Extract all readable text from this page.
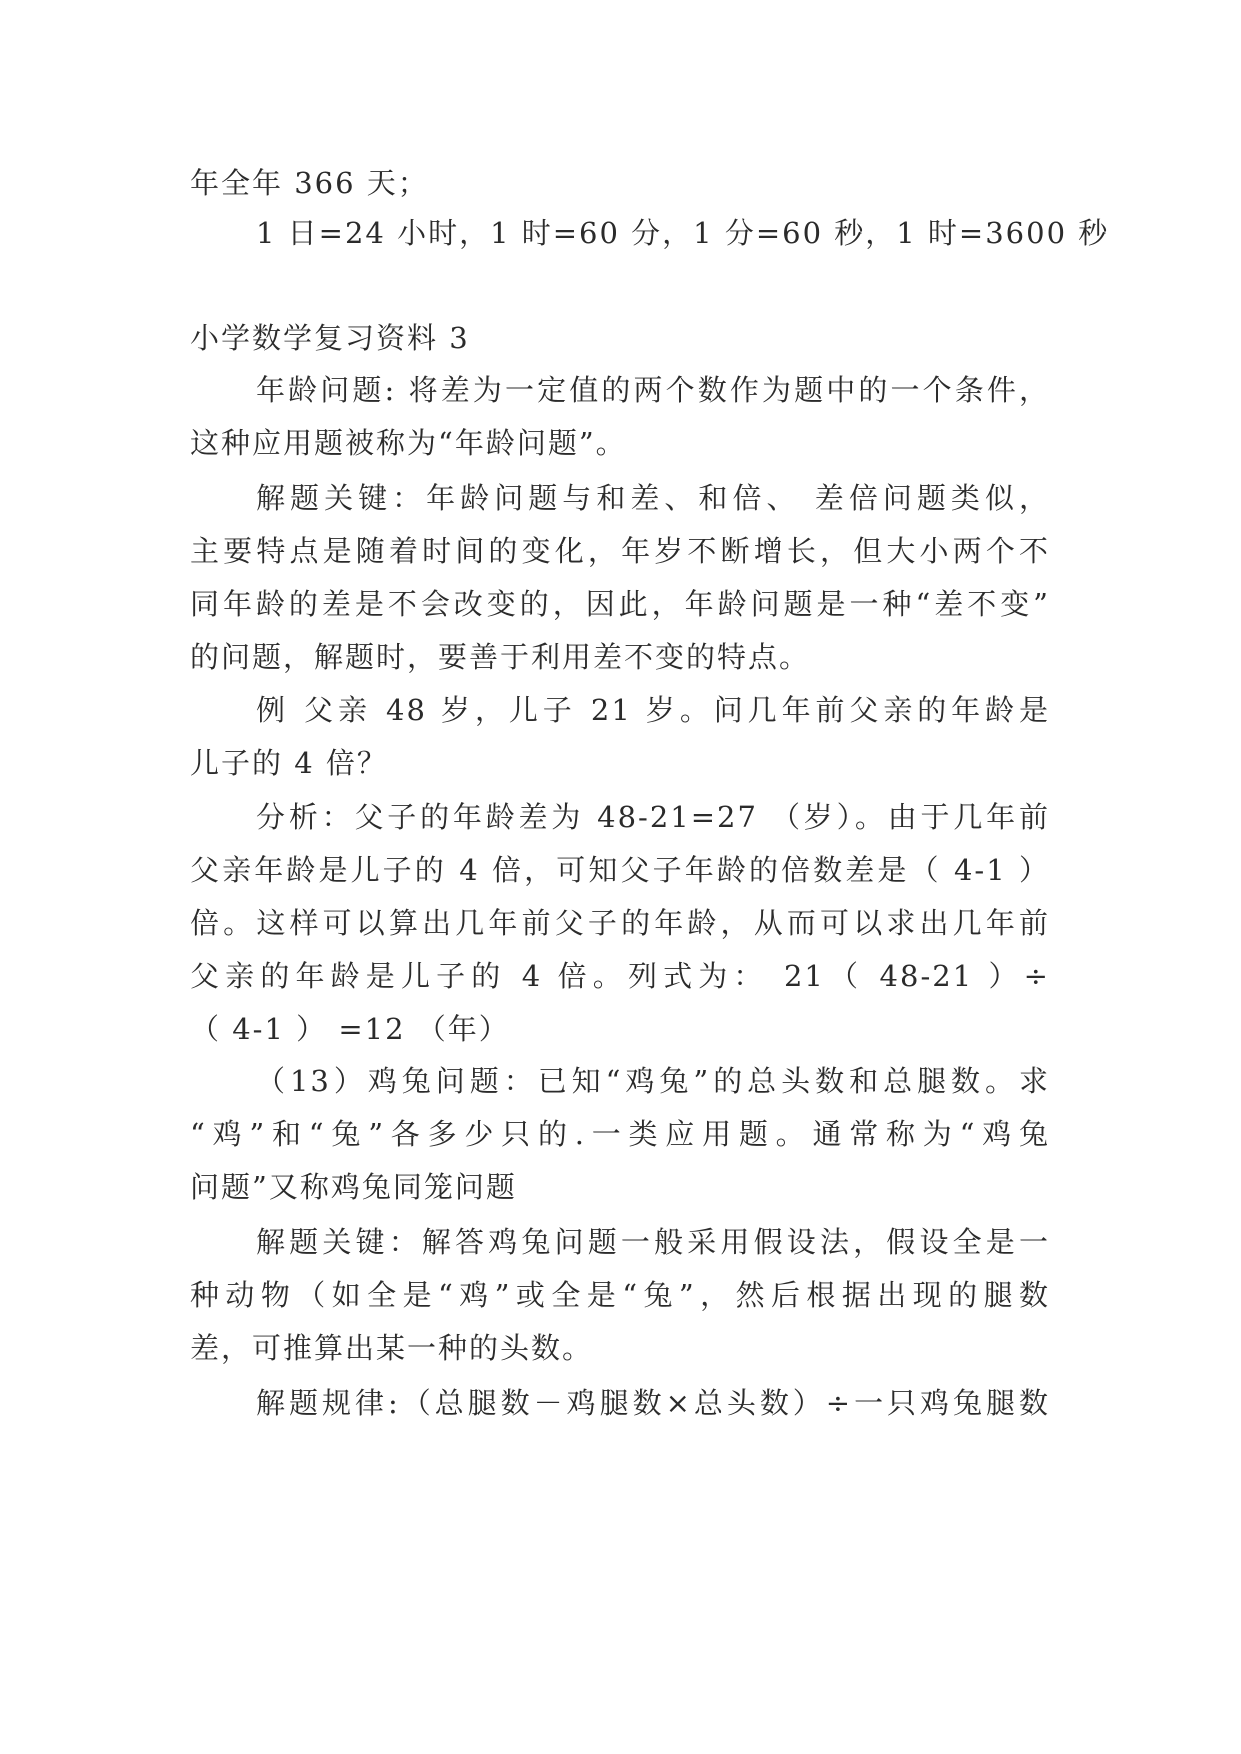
年全年 366 天；
1 日=24 小时，1 时=60 分，1 分=60 秒，1 时=3600 秒
小学数学复习资料 3
年龄问题: 将差为一定值的两个数作为题中的一个条件，
这种应用题被称为“年龄问题”。
解题关键：年龄问题与和差、和倍、 差倍问题类似，
主要特点是随着时间的变化，年岁不断增长，但大小两个不
同年龄的差是不会改变的，因此，年龄问题是一种“差不变”
的问题，解题时，要善于利用差不变的特点。
例 父亲 48 岁，儿子 21 岁。问几年前父亲的年龄是
儿子的 4 倍？
分析：父子的年龄差为 48-21=27 （岁）。由于几年前
父亲年龄是儿子的 4 倍，可知父子年龄的倍数差是（ 4-1 ）
倍。这样可以算出几年前父子的年龄，从而可以求出几年前
父亲的年龄是儿子的 4 倍。列式为： 21（ 48-21 ）÷
（ 4-1 ） =12 （年）
（13）鸡兔问题：已知“鸡兔”的总头数和总腿数。求
“鸡”和“兔”各多少只的.一类应用题。通常称为“鸡兔
问题”又称鸡兔同笼问题
解题关键：解答鸡兔问题一般采用假设法，假设全是一
种动物（如全是“鸡”或全是“兔”，然后根据出现的腿数
差，可推算出某一种的头数。
解题规律:（总腿数－鸡腿数×总头数）÷一只鸡兔腿数
